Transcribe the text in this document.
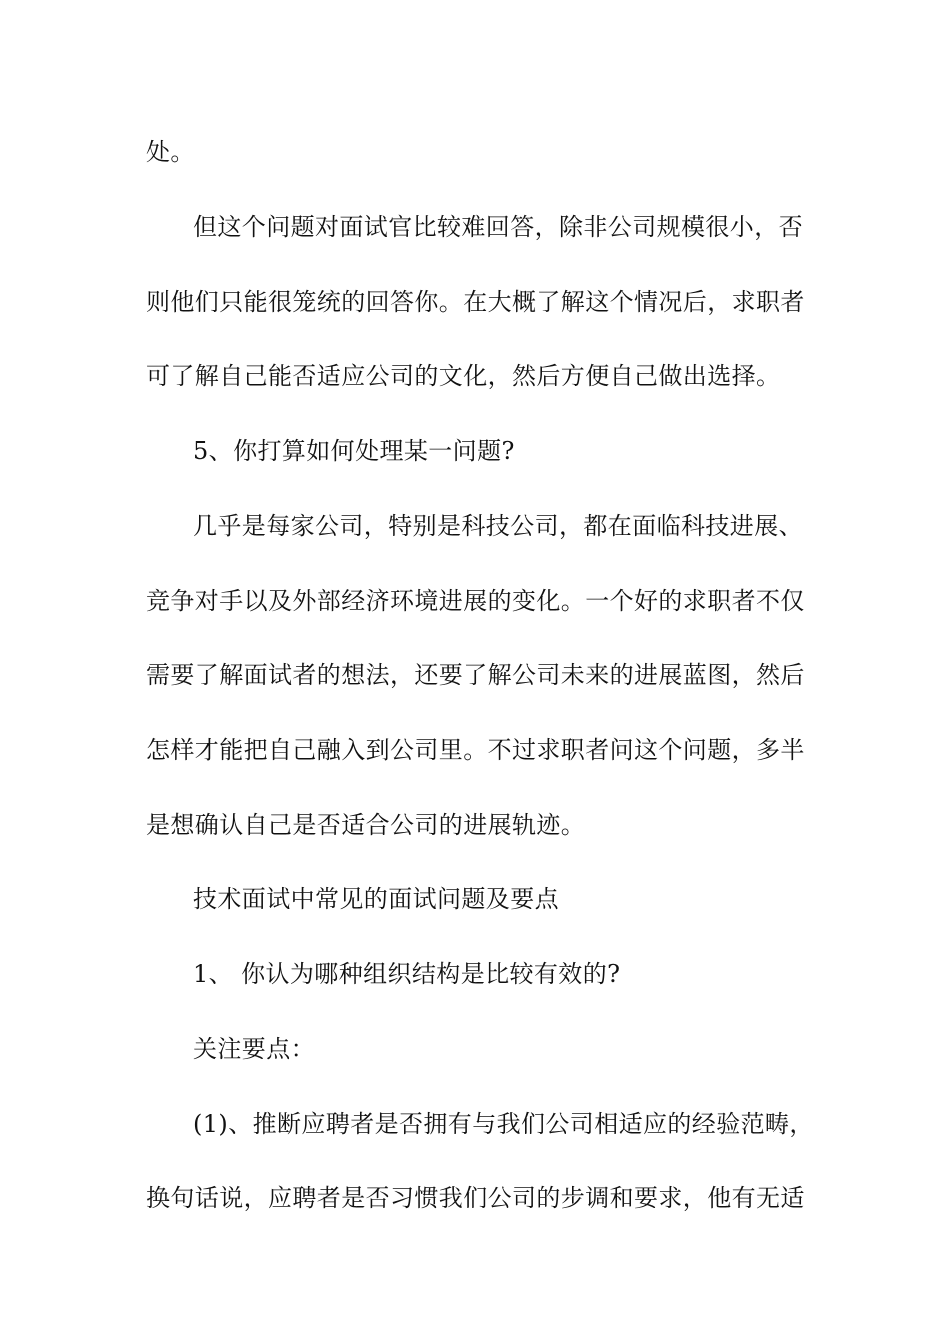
处。
但这个问题对面试官比较难回答，除非公司规模很小，否
则他们只能很笼统的回答你。在大概了解这个情况后，求职者
可了解自己能否适应公司的文化，然后方便自己做出选择。
5、你打算如何处理某一问题?
几乎是每家公司，特别是科技公司，都在面临科技进展、
竞争对手以及外部经济环境进展的变化。一个好的求职者不仅
需要了解面试者的想法，还要了解公司未来的进展蓝图，然后
怎样才能把自己融入到公司里。不过求职者问这个问题，多半
是想确认自己是否适合公司的进展轨迹。
技术面试中常见的面试问题及要点
1、 你认为哪种组织结构是比较有效的?
关注要点：
(1)、推断应聘者是否拥有与我们公司相适应的经验范畴，
换句话说，应聘者是否习惯我们公司的步调和要求，他有无适
